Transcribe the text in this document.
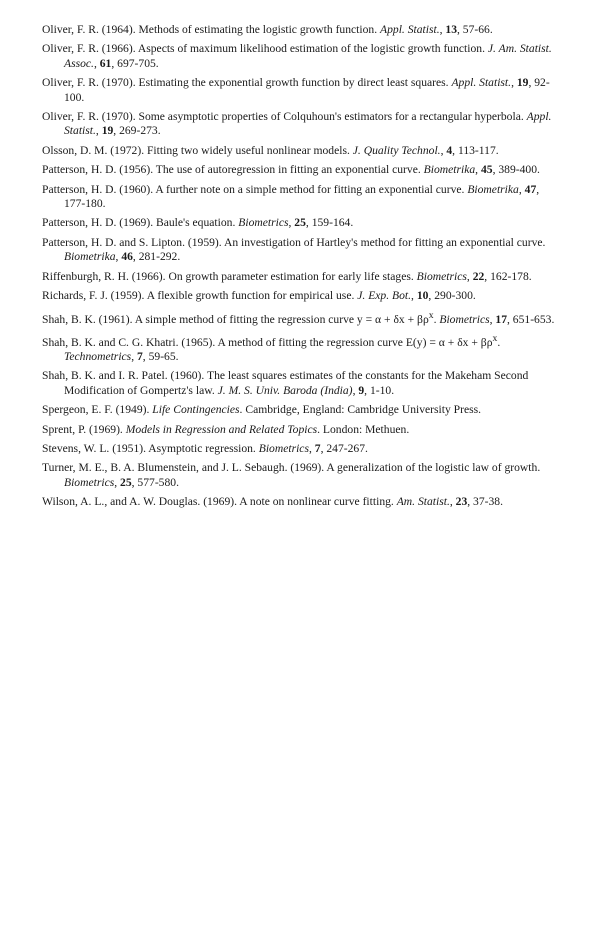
Oliver, F. R. (1964). Methods of estimating the logistic growth function. Appl. Statist., 13, 57-66.
Oliver, F. R. (1966). Aspects of maximum likelihood estimation of the logistic growth function. J. Am. Statist. Assoc., 61, 697-705.
Oliver, F. R. (1970). Estimating the exponential growth function by direct least squares. Appl. Statist., 19, 92-100.
Oliver, F. R. (1970). Some asymptotic properties of Colquhoun's estimators for a rectangular hyperbola. Appl. Statist., 19, 269-273.
Olsson, D. M. (1972). Fitting two widely useful nonlinear models. J. Quality Technol., 4, 113-117.
Patterson, H. D. (1956). The use of autoregression in fitting an exponential curve. Biometrika, 45, 389-400.
Patterson, H. D. (1960). A further note on a simple method for fitting an exponential curve. Biometrika, 47, 177-180.
Patterson, H. D. (1969). Baule's equation. Biometrics, 25, 159-164.
Patterson, H. D. and S. Lipton. (1959). An investigation of Hartley's method for fitting an exponential curve. Biometrika, 46, 281-292.
Riffenburgh, R. H. (1966). On growth parameter estimation for early life stages. Biometrics, 22, 162-178.
Richards, F. J. (1959). A flexible growth function for empirical use. J. Exp. Bot., 10, 290-300.
Shah, B. K. (1961). A simple method of fitting the regression curve $y = \alpha + \delta x + \beta\rho^x$. Biometrics, 17, 651-653.
Shah, B. K. and C. G. Khatri. (1965). A method of fitting the regression curve $E(y) = \alpha + \delta x + \beta\rho^x$. Technometrics, 7, 59-65.
Shah, B. K. and I. R. Patel. (1960). The least squares estimates of the constants for the Makeham Second Modification of Gompertz's law. J. M. S. Univ. Baroda (India), 9, 1-10.
Spergeon, E. F. (1949). Life Contingencies. Cambridge, England: Cambridge University Press.
Sprent, P. (1969). Models in Regression and Related Topics. London: Methuen.
Stevens, W. L. (1951). Asymptotic regression. Biometrics, 7, 247-267.
Turner, M. E., B. A. Blumenstein, and J. L. Sebaugh. (1969). A generalization of the logistic law of growth. Biometrics, 25, 577-580.
Wilson, A. L., and A. W. Douglas. (1969). A note on nonlinear curve fitting. Am. Statist., 23, 37-38.
